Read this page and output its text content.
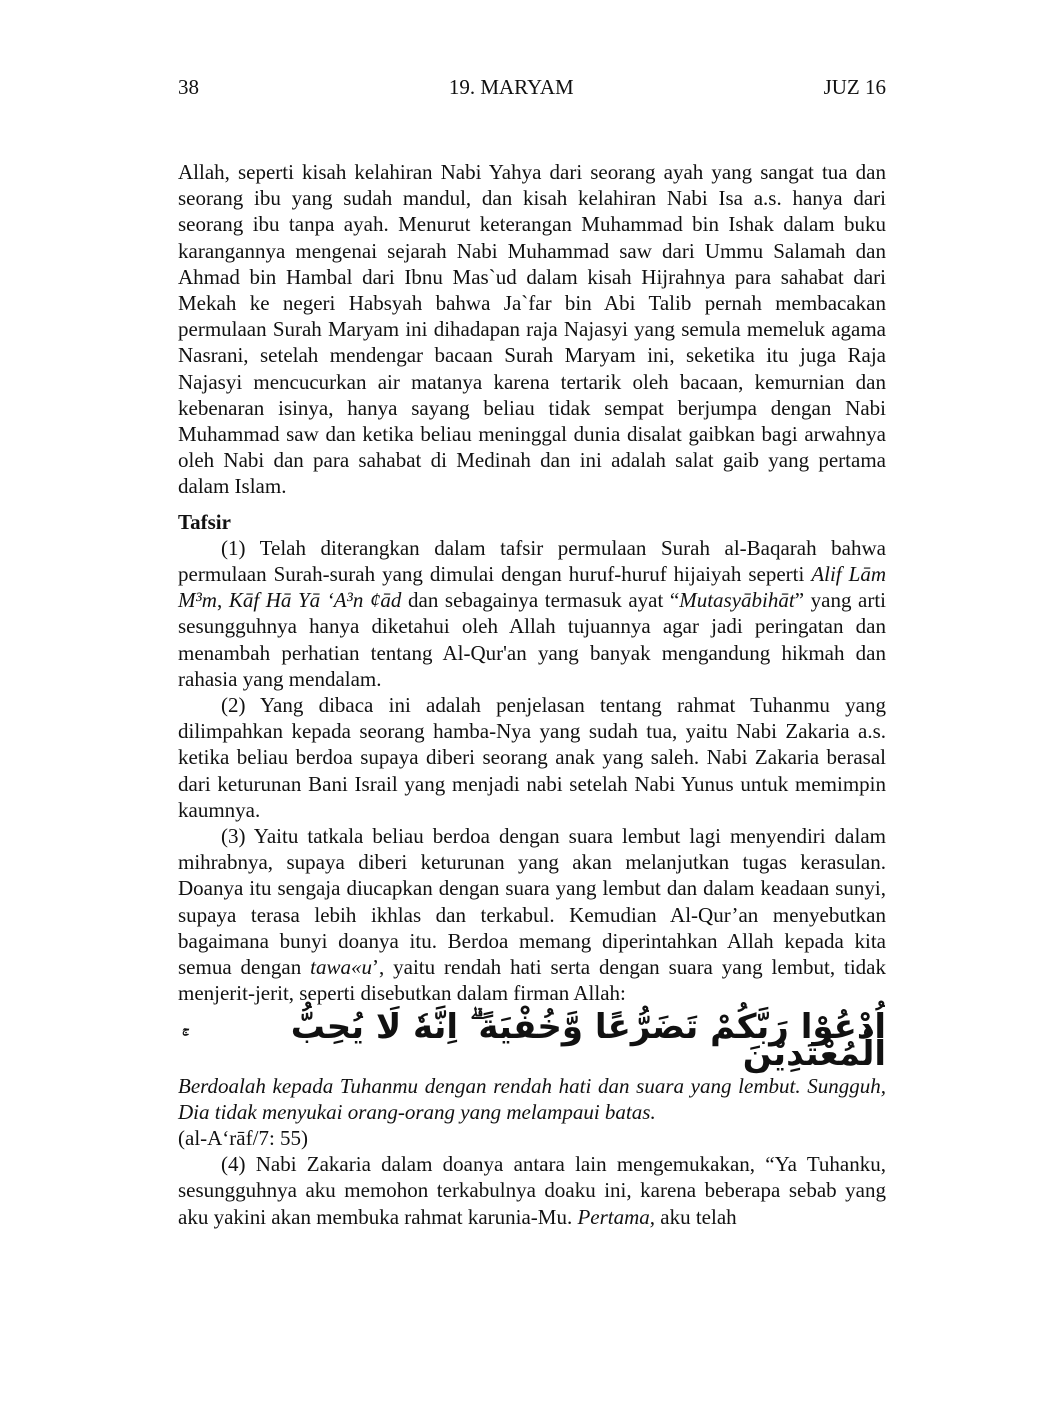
38	19. MARYAM	JUZ 16

Allah, seperti kisah kelahiran Nabi Yahya dari seorang ayah yang sangat tua dan seorang ibu yang sudah mandul, dan kisah kelahiran Nabi Isa a.s. hanya dari seorang ibu tanpa ayah. Menurut keterangan Muhammad bin Ishak dalam buku karangannya mengenai sejarah Nabi Muhammad saw dari Ummu Salamah dan Ahmad bin Hambal dari Ibnu Mas`ud dalam kisah Hijrahnya para sahabat dari Mekah ke negeri Habsyah bahwa Ja`far bin Abi Talib pernah membacakan permulaan Surah Maryam ini dihadapan raja Najasyi yang semula memeluk agama Nasrani, setelah mendengar bacaan Surah Maryam ini, seketika itu juga Raja Najasyi mencucurkan air matanya karena tertarik oleh bacaan, kemurnian dan kebenaran isinya, hanya sayang beliau tidak sempat berjumpa dengan Nabi Muhammad saw dan ketika beliau meninggal dunia disalat gaibkan bagi arwahnya oleh Nabi dan para sahabat di Medinah dan ini adalah salat gaib yang pertama dalam Islam.

Tafsir

(1) Telah diterangkan dalam tafsir permulaan Surah al-Baqarah bahwa permulaan Surah-surah yang dimulai dengan huruf-huruf hijaiyah seperti Alif Lām M³m, Kāf Hā Yā ‘A³n ¢ād dan sebagainya termasuk ayat “Mutasyābihāt” yang arti sesungguhnya hanya diketahui oleh Allah tujuannya agar jadi peringatan dan menambah perhatian tentang Al-Qur'an yang banyak mengandung hikmah dan rahasia yang mendalam.

(2) Yang dibaca ini adalah penjelasan tentang rahmat Tuhanmu yang dilimpahkan kepada seorang hamba-Nya yang sudah tua, yaitu Nabi Zakaria a.s. ketika beliau berdoa supaya diberi seorang anak yang saleh. Nabi Zakaria berasal dari keturunan Bani Israil yang menjadi nabi setelah Nabi Yunus untuk memimpin kaumnya.

(3) Yaitu tatkala beliau berdoa dengan suara lembut lagi menyendiri dalam mihrabnya, supaya diberi keturunan yang akan melanjutkan tugas kerasulan. Doanya itu sengaja diucapkan dengan suara yang lembut dan dalam keadaan sunyi, supaya terasa lebih ikhlas dan terkabul. Kemudian Al-Qur’an menyebutkan bagaimana bunyi doanya itu. Berdoa memang diperintahkan Allah kepada kita semua dengan tawa«u’, yaitu rendah hati serta dengan suara yang lembut, tidak menjerit-jerit, seperti disebutkan dalam firman Allah:

اُدْعُوْا رَبَّكُمْ تَضَرُّعًا وَّخُفْيَةً ۗ اِنَّهٗ لَا يُحِبُّ الْمُعْتَدِيْنَ

Berdoalah kepada Tuhanmu dengan rendah hati dan suara yang lembut. Sungguh, Dia tidak menyukai orang-orang yang melampaui batas.

(al-A‘rāf/7: 55)

(4) Nabi Zakaria dalam doanya antara lain mengemukakan, “Ya Tuhanku, sesungguhnya aku memohon terkabulnya doaku ini, karena beberapa sebab yang aku yakini akan membuka rahmat karunia-Mu. Pertama, aku telah
